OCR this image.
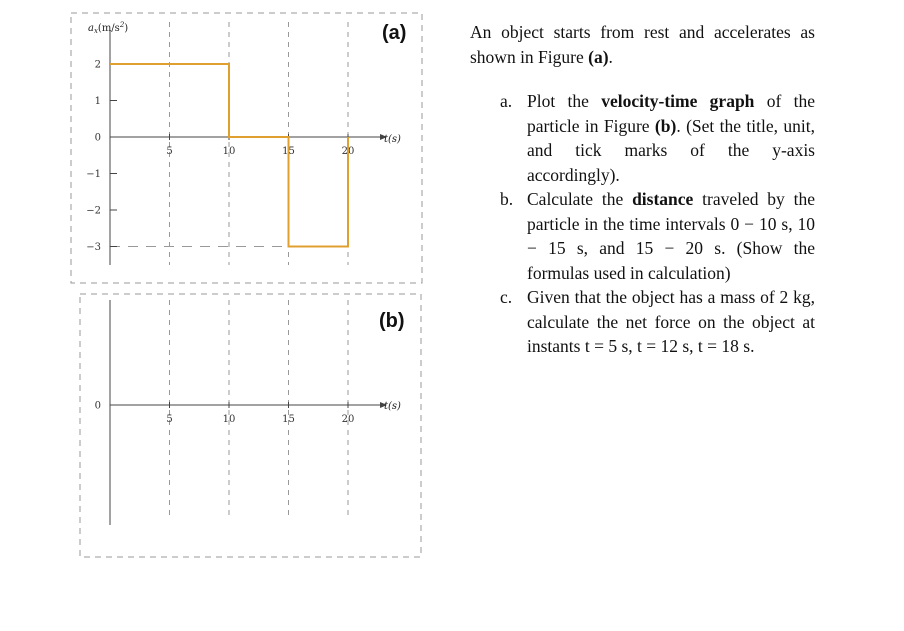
2
1
0
−1
−2
−3
5	10	15	20
$a_x(m/s^2)$
t(s)
(a)
0
5	10	15	20
t(s)
(b)

An object starts from rest and accelerates as shown in Figure (a).

a. Plot the velocity-time graph of the particle in Figure (b). (Set the title, unit, and tick marks of the y-axis accordingly).
b. Calculate the distance traveled by the particle in the time intervals 0 − 10 s, 10 − 15 s, and 15 − 20 s. (Show the formulas used in calculation)
c. Given that the object has a mass of 2 kg, calculate the net force on the object at instants t = 5 s, t = 12 s, t = 18 s.
